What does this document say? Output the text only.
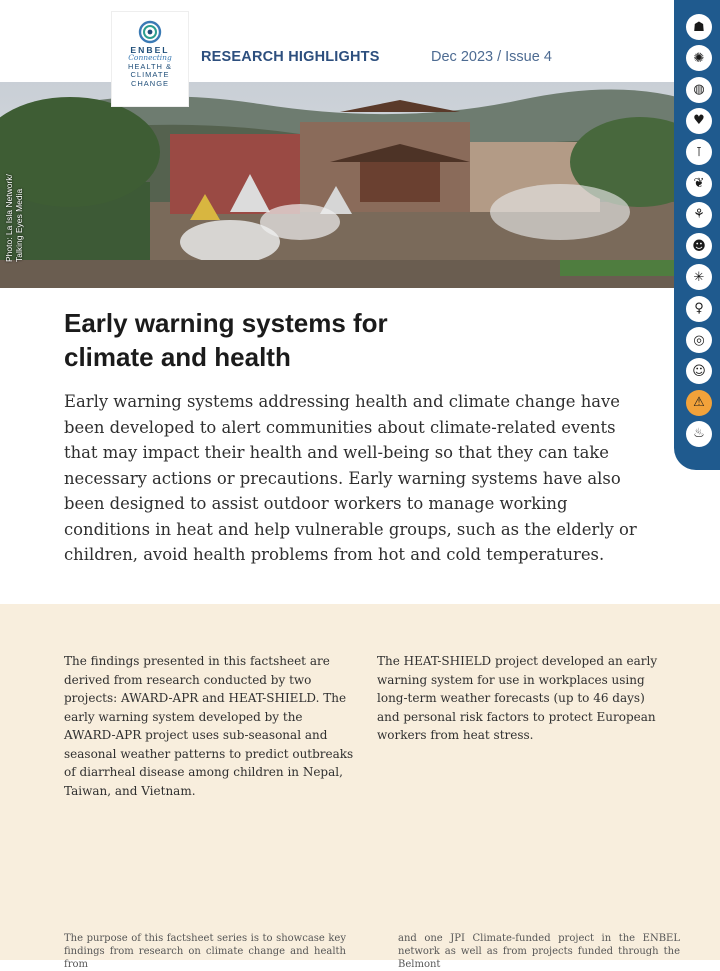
ENBEL
Connecting
HEALTH &
CLIMATE
CHANGE
RESEARCH HIGHLIGHTS	Dec 2023 / Issue 4
Photo: La Isla Network/
Talking Eyes Media
☗
✺
◍
♥
⊺
❦
⚘
☻
✳
♀
◎
☺
⚠
♨
Early warning systems for
climate and health

Early warning systems addressing health and climate change have been developed to alert communities about climate-related events that may impact their health and well-being so that they can take necessary actions or precautions. Early warning systems have also been designed to assist outdoor workers to manage working conditions in heat and help vulnerable groups, such as the elderly or children, avoid health problems from hot and cold temperatures.

The findings presented in this factsheet are derived from research conducted by two projects: AWARD-APR and HEAT-SHIELD. The early warning system developed by the AWARD-APR project uses sub-seasonal and seasonal weather patterns to predict outbreaks of diarrheal disease among children in Nepal, Taiwan, and Vietnam.
The HEAT-SHIELD project developed an early warning system for use in workplaces using long-term weather forecasts (up to 46 days) and personal risk factors to protect European workers from heat stress.
The purpose of this factsheet series is to showcase key findings from research on climate change and health from
and one JPI Climate-funded project in the ENBEL network as well as from projects funded through the Belmont
